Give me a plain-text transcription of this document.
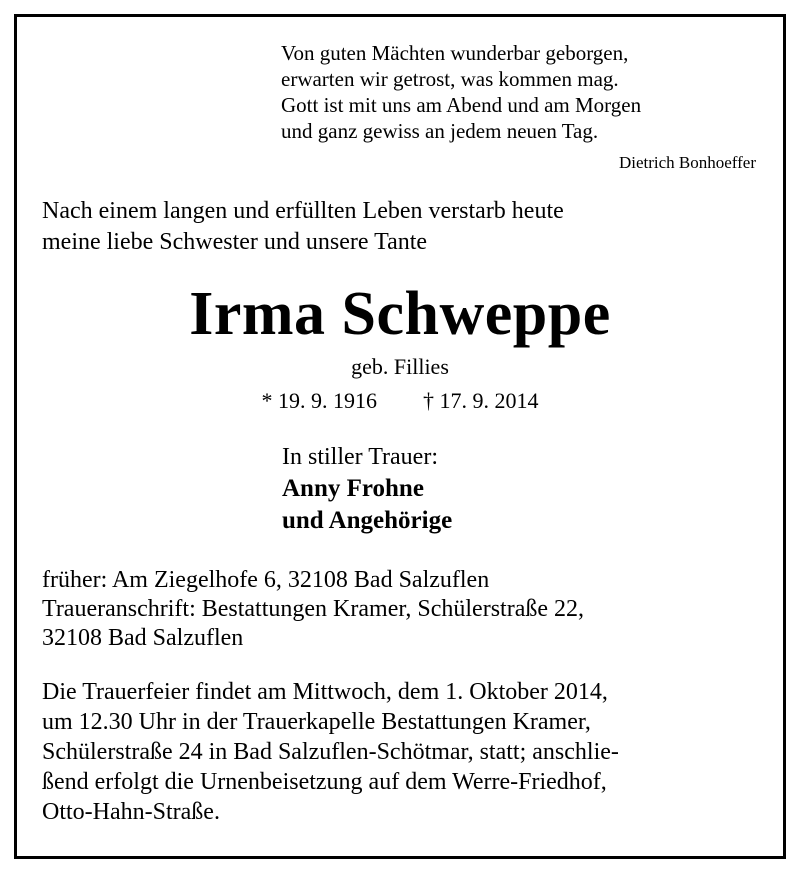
Von guten Mächten wunderbar geborgen,
erwarten wir getrost, was kommen mag.
Gott ist mit uns am Abend und am Morgen
und ganz gewiss an jedem neuen Tag.
Dietrich Bonhoeffer
Nach einem langen und erfüllten Leben verstarb heute
meine liebe Schwester und unsere Tante
Irma Schweppe
geb. Fillies
* 19. 9. 1916 † 17. 9. 2014
In stiller Trauer:
Anny Frohne
und Angehörige
früher: Am Ziegelhofe 6, 32108 Bad Salzuflen
Traueranschrift: Bestattungen Kramer, Schülerstraße 22,
32108 Bad Salzuflen
Die Trauerfeier findet am Mittwoch, dem 1. Oktober 2014,
um 12.30 Uhr in der Trauerkapelle Bestattungen Kramer,
Schülerstraße 24 in Bad Salzuflen-Schötmar, statt; anschlie-
ßend erfolgt die Urnenbeisetzung auf dem Werre-Friedhof,
Otto-Hahn-Straße.
